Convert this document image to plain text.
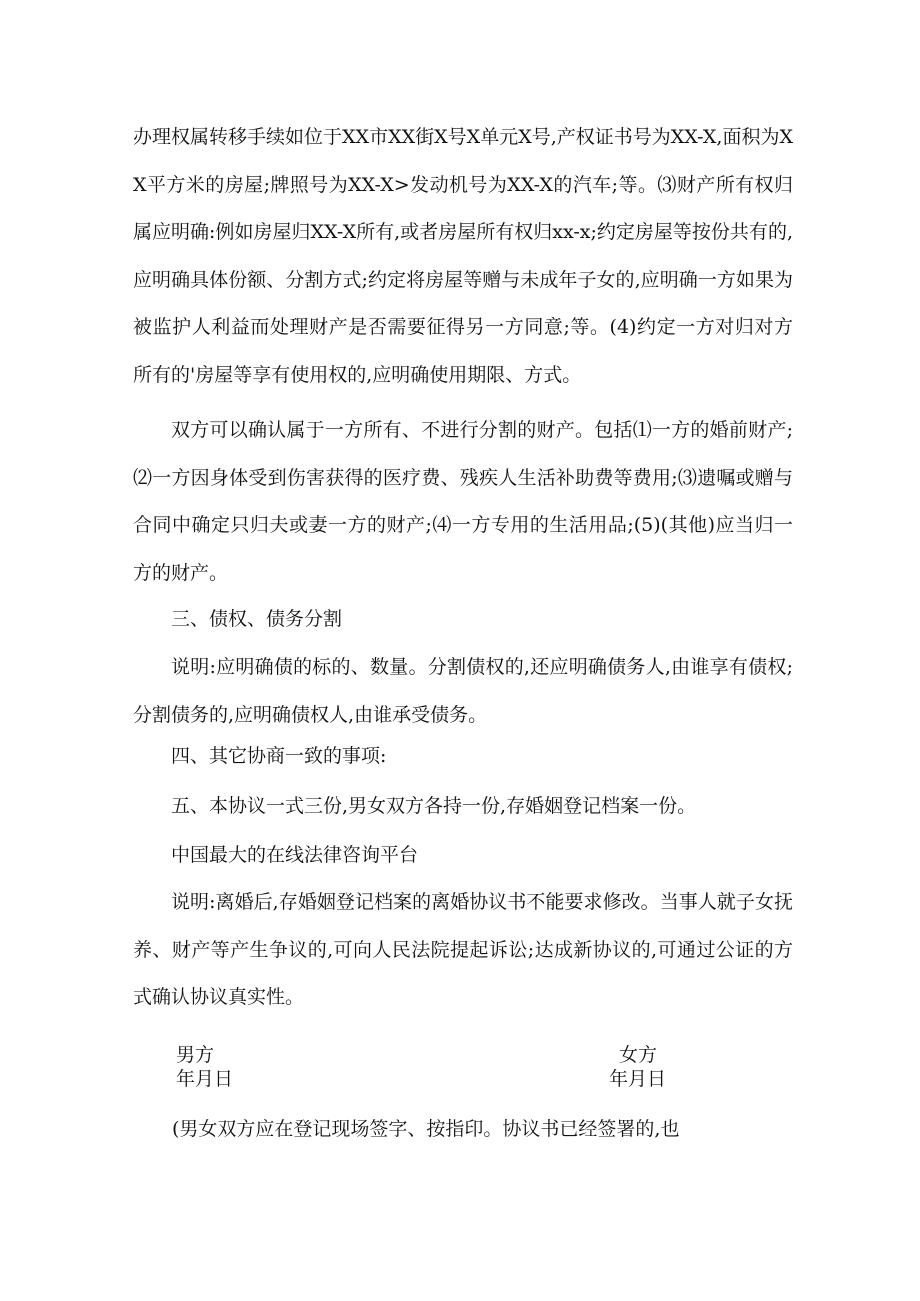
办理权属转移手续如位于XX市XX街X号X单元X号,产权证书号为XX-X,面积为XX平方米的房屋;牌照号为XX-X>发动机号为XX-X的汽车;等。⑶财产所有权归属应明确:例如房屋归XX-X所有,或者房屋所有权归xx-x;约定房屋等按份共有的,应明确具体份额、分割方式;约定将房屋等赠与未成年子女的,应明确一方如果为被监护人利益而处理财产是否需要征得另一方同意;等。(4)约定一方对归对方所有的'房屋等享有使用权的,应明确使用期限、方式。

双方可以确认属于一方所有、不进行分割的财产。包括⑴一方的婚前财产;⑵一方因身体受到伤害获得的医疗费、残疾人生活补助费等费用;⑶遗嘱或赠与合同中确定只归夫或妻一方的财产;⑷一方专用的生活用品;(5)(其他)应当归一方的财产。

三、债权、债务分割

说明:应明确债的标的、数量。分割债权的,还应明确债务人,由谁享有债权;分割债务的,应明确债权人,由谁承受债务。

四、其它协商一致的事项:

五、本协议一式三份,男女双方各持一份,存婚姻登记档案一份。

中国最大的在线法律咨询平台

说明:离婚后,存婚姻登记档案的离婚协议书不能要求修改。当事人就子女抚养、财产等产生争议的,可向人民法院提起诉讼;达成新协议的,可通过公证的方式确认协议真实性。

男方
年月日
女方
年月日

(男女双方应在登记现场签字、按指印。协议书已经签署的,也
